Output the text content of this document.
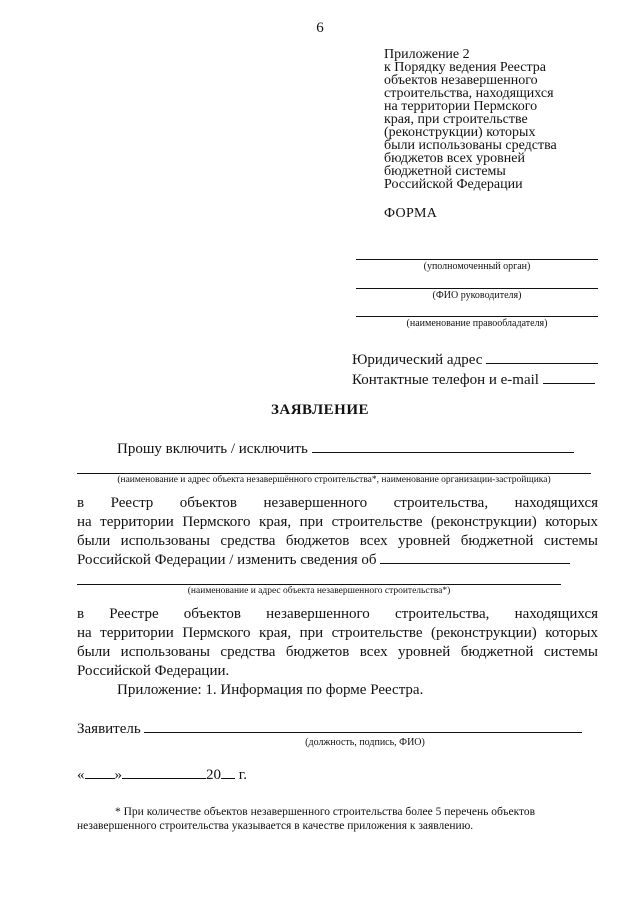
6
Приложение 2
к Порядку ведения Реестра
объектов незавершенного
строительства, находящихся
на территории Пермского
края, при строительстве
(реконструкции) которых
были использованы средства
бюджетов всех уровней
бюджетной системы
Российской Федерации
ФОРМА
(уполномоченный орган)
(ФИО руководителя)
(наименование правообладателя)
Юридический адрес
Контактные телефон и e-mail
ЗАЯВЛЕНИЕ
Прошу включить / исключить
(наименование и адрес объекта незавершённого строительства*, наименование организации-застройщика)
в Реестр объектов незавершенного строительства, находящихся
на территории Пермского края, при строительстве (реконструкции) которых
были использованы средства бюджетов всех уровней бюджетной системы
Российской Федерации / изменить сведения об
(наименование и адрес объекта незавершенного строительства*)
в Реестре объектов незавершенного строительства, находящихся
на территории Пермского края, при строительстве (реконструкции) которых
были использованы средства бюджетов всех уровней бюджетной системы
Российской Федерации.
Приложение: 1. Информация по форме Реестра.
Заявитель
(должность, подпись, ФИО)
« »	20 г.
* При количестве объектов незавершенного строительства более 5 перечень объектов незавершенного строительства указывается в качестве приложения к заявлению.
